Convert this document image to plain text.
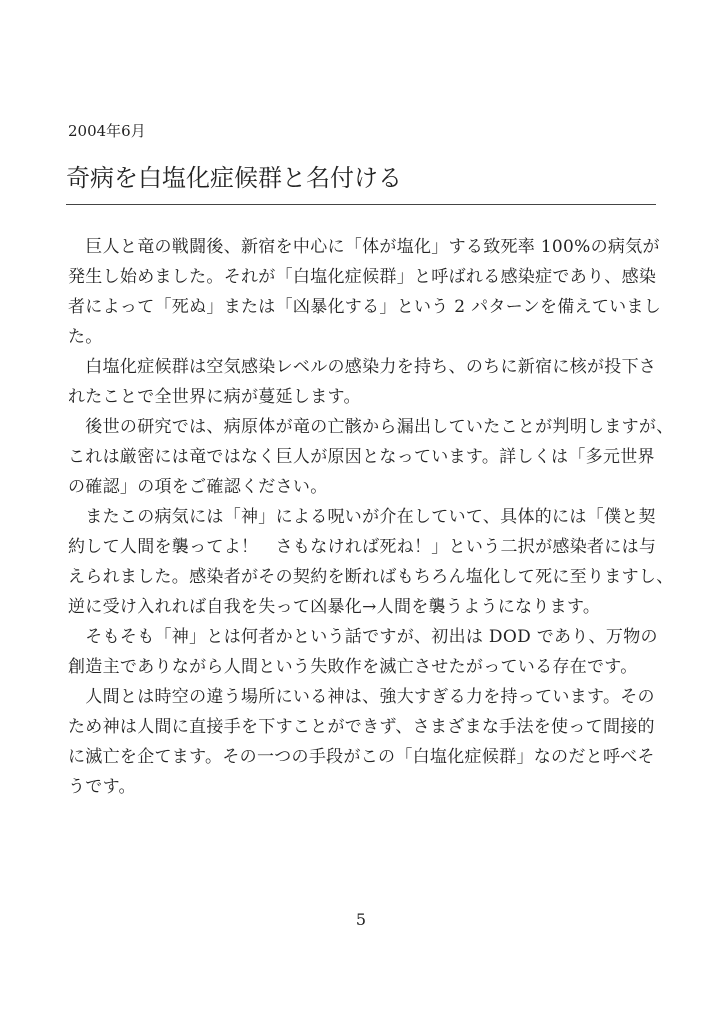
2004年6月
奇病を白塩化症候群と名付ける
　巨人と竜の戦闘後、新宿を中心に「体が塩化」する致死率 100%の病気が
発生し始めました。それが「白塩化症候群」と呼ばれる感染症であり、感染
者によって「死ぬ」または「凶暴化する」という 2 パターンを備えていまし
た。
　白塩化症候群は空気感染レベルの感染力を持ち、のちに新宿に核が投下さ
れたことで全世界に病が蔓延します。
　後世の研究では、病原体が竜の亡骸から漏出していたことが判明しますが、
これは厳密には竜ではなく巨人が原因となっています。詳しくは「多元世界
の確認」の項をご確認ください。
　またこの病気には「神」による呪いが介在していて、具体的には「僕と契
約して人間を襲ってよ！　さもなければ死ね！」という二択が感染者には与
えられました。感染者がその契約を断ればもちろん塩化して死に至りますし、
逆に受け入れれば自我を失って凶暴化→人間を襲うようになります。
　そもそも「神」とは何者かという話ですが、初出は DOD であり、万物の
創造主でありながら人間という失敗作を滅亡させたがっている存在です。
　人間とは時空の違う場所にいる神は、強大すぎる力を持っています。その
ため神は人間に直接手を下すことができず、さまざまな手法を使って間接的
に滅亡を企てます。その一つの手段がこの「白塩化症候群」なのだと呼べそ
うです。
5
